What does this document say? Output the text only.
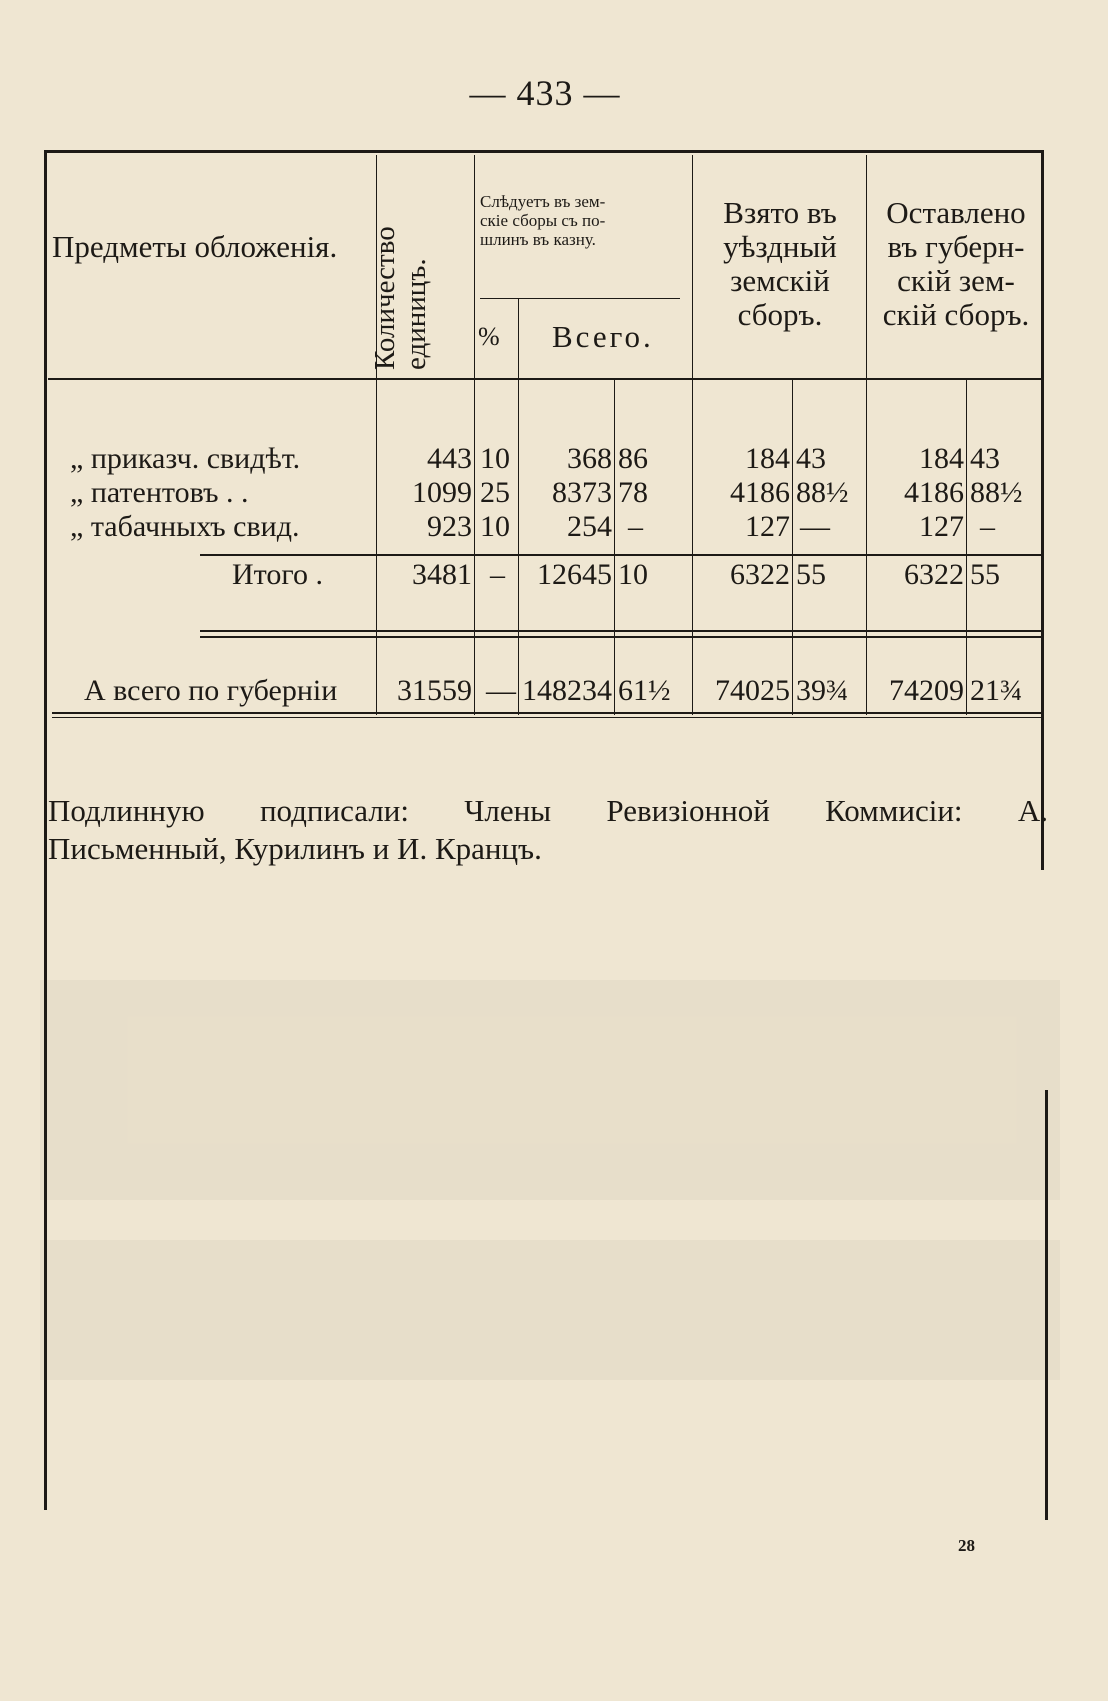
— 433 —
Предметы обложенія. Количество единицъ.
Слѣдуетъ въ зем-
скіе сборы съ по-
шлинъ въ казну.
% Всего.
Взято въ
уѣздный
земскій
сборъ.
Оставлено
въ губерн-
скій зем-
скій сборъ.
„ приказч. свидѣт.	443 10	368 86	184 43	184 43
„ патентовъ . .	1099 25	8373 78	4186 88½	4186 88½
„ табачныхъ свид.	923 10	254 –	127 —	127 –
Итого .	3481 –	12645 10	6322 55	6322 55
А всего по губерніи	31559 — 148234 61½	74025 39¾	74209 21¾
Подлинную подписали: Члены Ревизіонной Коммисіи: А.
Письменный, Курилинъ и И. Кранцъ.
28
